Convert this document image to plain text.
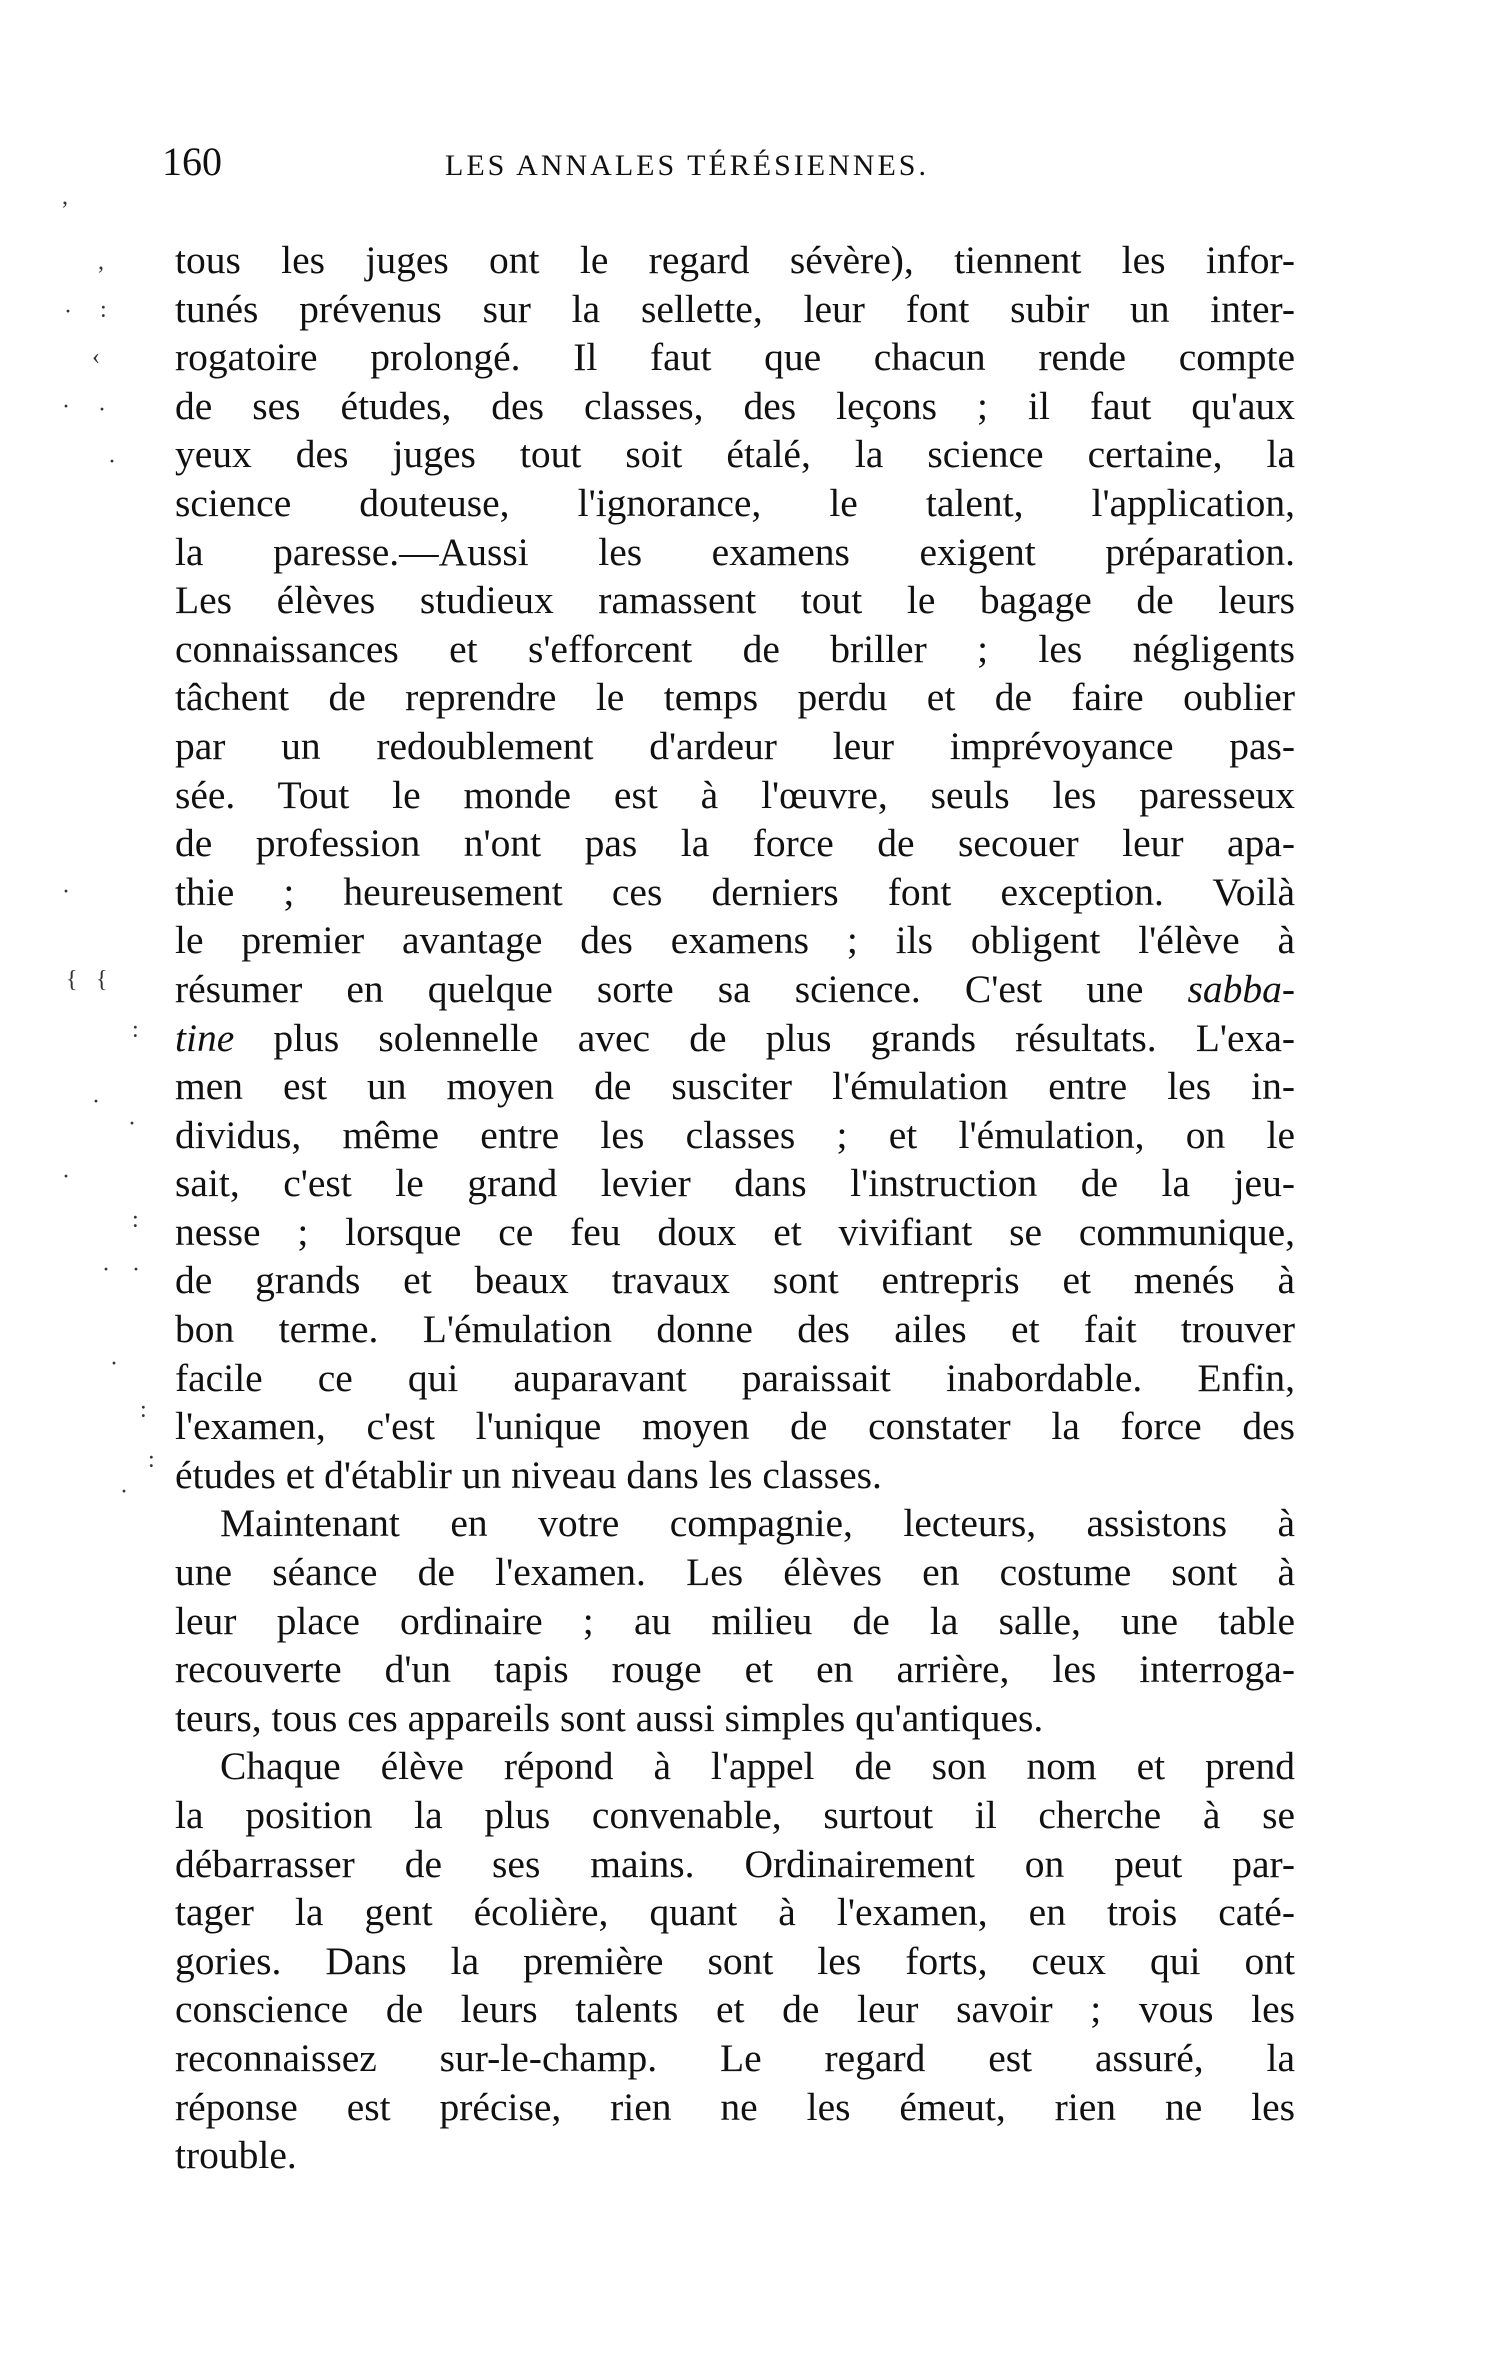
160	LES ANNALES TÉRÉSIENNES.
,
,
· :
‹
· ·
·
·
{ {
:
·
·
·
:
· ·
·
:
:
·
tous les juges ont le regard sévère), tiennent les infor-
tunés prévenus sur la sellette, leur font subir un inter-
rogatoire prolongé. Il faut que chacun rende compte
de ses études, des classes, des leçons ; il faut qu'aux
yeux des juges tout soit étalé, la science certaine, la
science douteuse, l'ignorance, le talent, l'application,
la paresse.—Aussi les examens exigent préparation.
Les élèves studieux ramassent tout le bagage de leurs
connaissances et s'efforcent de briller ; les négligents
tâchent de reprendre le temps perdu et de faire oublier
par un redoublement d'ardeur leur imprévoyance pas-
sée. Tout le monde est à l'œuvre, seuls les paresseux
de profession n'ont pas la force de secouer leur apa-
thie ; heureusement ces derniers font exception. Voilà
le premier avantage des examens ; ils obligent l'élève à
résumer en quelque sorte sa science. C'est une sabba-
tine plus solennelle avec de plus grands résultats. L'exa-
men est un moyen de susciter l'émulation entre les in-
dividus, même entre les classes ; et l'émulation, on le
sait, c'est le grand levier dans l'instruction de la jeu-
nesse ; lorsque ce feu doux et vivifiant se communique,
de grands et beaux travaux sont entrepris et menés à
bon terme. L'émulation donne des ailes et fait trouver
facile ce qui auparavant paraissait inabordable. Enfin,
l'examen, c'est l'unique moyen de constater la force des
études et d'établir un niveau dans les classes.
Maintenant en votre compagnie, lecteurs, assistons à
une séance de l'examen. Les élèves en costume sont à
leur place ordinaire ; au milieu de la salle, une table
recouverte d'un tapis rouge et en arrière, les interroga-
teurs, tous ces appareils sont aussi simples qu'antiques.
Chaque élève répond à l'appel de son nom et prend
la position la plus convenable, surtout il cherche à se
débarrasser de ses mains. Ordinairement on peut par-
tager la gent écolière, quant à l'examen, en trois caté-
gories. Dans la première sont les forts, ceux qui ont
conscience de leurs talents et de leur savoir ; vous les
reconnaissez sur-le-champ. Le regard est assuré, la
réponse est précise, rien ne les émeut, rien ne les
trouble.
